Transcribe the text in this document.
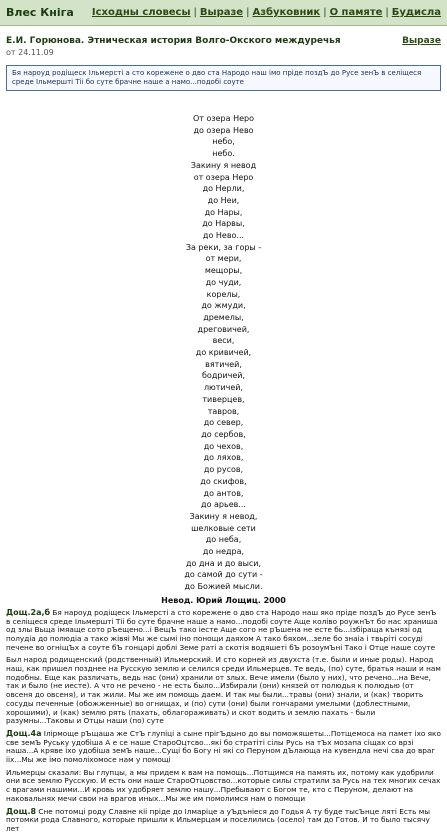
Влес Кнiга Iсходны словесы | Выразе | Азбуковник | О памяте | Будисла
Е.И. Горюнова. Этническая история Волго-Окского междуречья	Выразе
от 24.11.09
Бя нарoyд родiщеск Iльмерстi а сто корежене о дво ста Народо наш iмо прiде поздЪ до Русе зенЪ в селiщеся среде Iльмерштi Тii бо суте брачне наше а намо...подобi соуте
От озера Неро
до озера Нево
небо,
небо.
Закину я невод
от озера Неро
до Нерли,
до Неи,
до Нары,
до Нарвы,
до Нево...
За реки, за горы -
от мери,
мещоры,
до чуди,
корелы,
до жмуди,
дремелы,
дреговичей,
веси,
до кривичей,
вятичей,
бодричей,
лютичей,
тиверцев,
тавров,
до север,
до сербов,
до чехов,
до ляхов,
до русов,
до скифов,
до антов,
до арьев...
Закину я невод,
шелковые сети
до неба,
до недра,
до дна и до выси,
до самой до сути -
до Божией мысли.
Невод. Юрий Лощиц. 2000
Дощ.2а,б Бя нарoyд родiщеск Iльмерстi а сто корежене о дво ста Народо наш яко прiде поздЪ до Русе зенЪ в селiщеся среде Iльмерштi Тii бо суте брачне наше а намо...подобi соуте Аще колiво роужнЪт бо нас храниша од злы Вьща iмяаще сото рЪещено...i ВещЪ тако iесте Аще сого не рЪшена не есте бь...iзбiраща кънязi од полудiа до полюдiа а тако жiвяi Мы же сымi iно понощи даяхом А тако бяхом...зеле бо знаiа i твьрiтi сосудi печене во огнiщЪх а соуте бЪ гонцарi доблi Земе ратi а скотiя водяшетi бЪ розоумЪнi Тако i Отце наше соуте
Был народ родищенский (родственный) Ильмерский. И сто корней из двухста (т.е. были и иные роды). Народ наш, как пришел позднее на Русскую землю и селился среди Ильмерцев. Те ведь, (по) суте, братья наши и нам подобны. Еще как различать, ведь нас (они) хранили от злых. Вече имели (было у них), что речено...на Вече, так и было (не иесте). А что не речено - не есть было...Избирали (они) князей от полюдья к полюдью (от овсеня до овсеня), и так жили. Мы же им помощь даем. И так мы были...травы (они) знали, и (как) творить сосуды печенные (обожженные) во огнищах, и (по) сути (они) были гончарами умелыми (доблестными, хорошими), и (как) землю рять (пахать, облагораживать) и скот водить и землю пахать - были разумны...Таковы и Отцы наши (по) суте
Дощ.4а Iлiрмоще рЪщаша же СтЪ глупiцi а сыне прiгЪдыно до вы поможяшеты...Потщемоса на памет iхо яко све земЪ Руську удобiша А е се наше СтароОцтсво...якi бо стратiтi сiлы Русь на тЪх мозапа сiщах со врзi наша...А кряве iхо удобiша земЪ наше...Сущi бо Богу нi якi со Перуном дЪлающа на кувендла нечi сва до враг iiх...Мы же iмо помолiхомосе нам у помощi
Ильмерцы сказали: Вы глупцы, а мы придем к вам на помощь...Потщимся на память их, потому как удобрили они все землю Русскую. И есть они наше СтароОтцовство...которые силы стратили за Русь на тех многих сечах с врагами нашими...И кровь их удобряет землю нашу...Пребывают с Богом те, кто с Перуном, делают на наковальнях мечи свои на врагов иных...Мы же им помолимся нам о помощи
Дощ.8 Сне потомцi роду Славне кii прiде до Iлмарiце а уЪдънiеся до Годья А ту буде тысЪнце лятi Есть мы потомки рода Славного, которые пришли к Ильмерцам и поселились (осело) там до Готов. И то было тысячу лет
